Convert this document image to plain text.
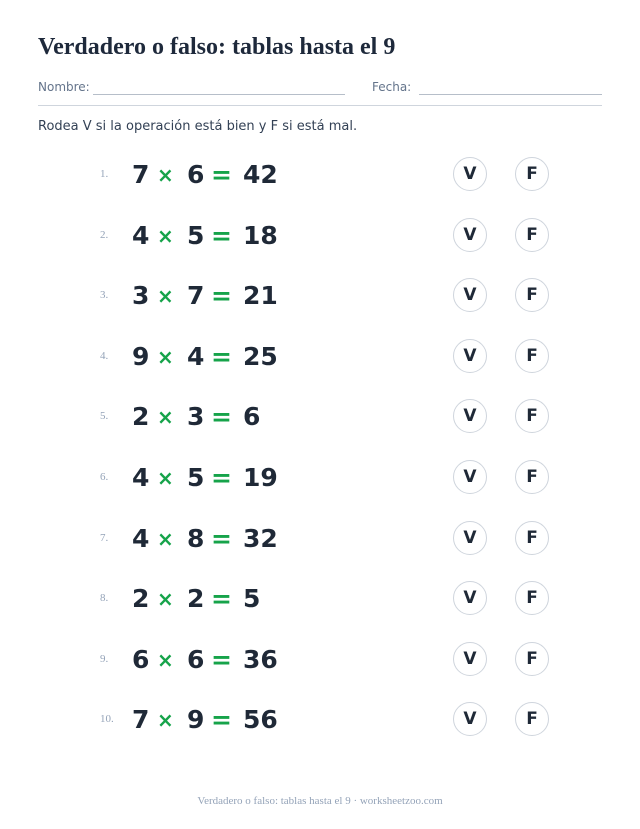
Verdadero o falso: tablas hasta el 9
Nombre:	Fecha:
Rodea V si la operación está bien y F si está mal.
1. 7 × 6 = 42	V	F
2. 4 × 5 = 18	V	F
3. 3 × 7 = 21	V	F
4. 9 × 4 = 25	V	F
5. 2 × 3 = 6	V	F
6. 4 × 5 = 19	V	F
7. 4 × 8 = 32	V	F
8. 2 × 2 = 5	V	F
9. 6 × 6 = 36	V	F
10. 7 × 9 = 56	V	F
Verdadero o falso: tablas hasta el 9 · worksheetzoo.com
